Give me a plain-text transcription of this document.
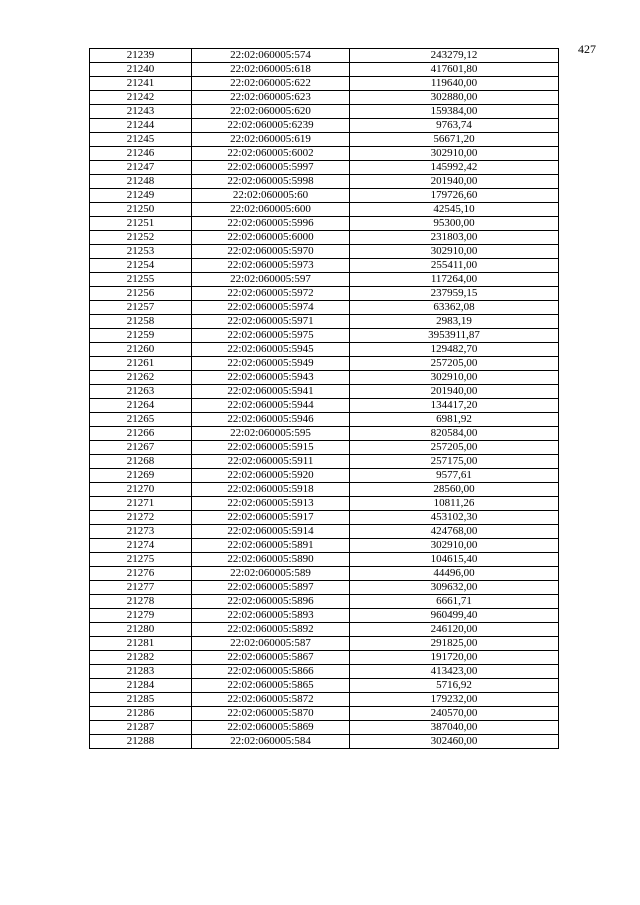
427
21239	22:02:060005:574	243279,12
21240	22:02:060005:618	417601,80
21241	22:02:060005:622	119640,00
21242	22:02:060005:623	302880,00
21243	22:02:060005:620	159384,00
21244	22:02:060005:6239	9763,74
21245	22:02:060005:619	56671,20
21246	22:02:060005:6002	302910,00
21247	22:02:060005:5997	145992,42
21248	22:02:060005:5998	201940,00
21249	22:02:060005:60	179726,60
21250	22:02:060005:600	42545,10
21251	22:02:060005:5996	95300,00
21252	22:02:060005:6000	231803,00
21253	22:02:060005:5970	302910,00
21254	22:02:060005:5973	255411,00
21255	22:02:060005:597	117264,00
21256	22:02:060005:5972	237959,15
21257	22:02:060005:5974	63362,08
21258	22:02:060005:5971	2983,19
21259	22:02:060005:5975	3953911,87
21260	22:02:060005:5945	129482,70
21261	22:02:060005:5949	257205,00
21262	22:02:060005:5943	302910,00
21263	22:02:060005:5941	201940,00
21264	22:02:060005:5944	134417,20
21265	22:02:060005:5946	6981,92
21266	22:02:060005:595	820584,00
21267	22:02:060005:5915	257205,00
21268	22:02:060005:5911	257175,00
21269	22:02:060005:5920	9577,61
21270	22:02:060005:5918	28560,00
21271	22:02:060005:5913	10811,26
21272	22:02:060005:5917	453102,30
21273	22:02:060005:5914	424768,00
21274	22:02:060005:5891	302910,00
21275	22:02:060005:5890	104615,40
21276	22:02:060005:589	44496,00
21277	22:02:060005:5897	309632,00
21278	22:02:060005:5896	6661,71
21279	22:02:060005:5893	960499,40
21280	22:02:060005:5892	246120,00
21281	22:02:060005:587	291825,00
21282	22:02:060005:5867	191720,00
21283	22:02:060005:5866	413423,00
21284	22:02:060005:5865	5716,92
21285	22:02:060005:5872	179232,00
21286	22:02:060005:5870	240570,00
21287	22:02:060005:5869	387040,00
21288	22:02:060005:584	302460,00
